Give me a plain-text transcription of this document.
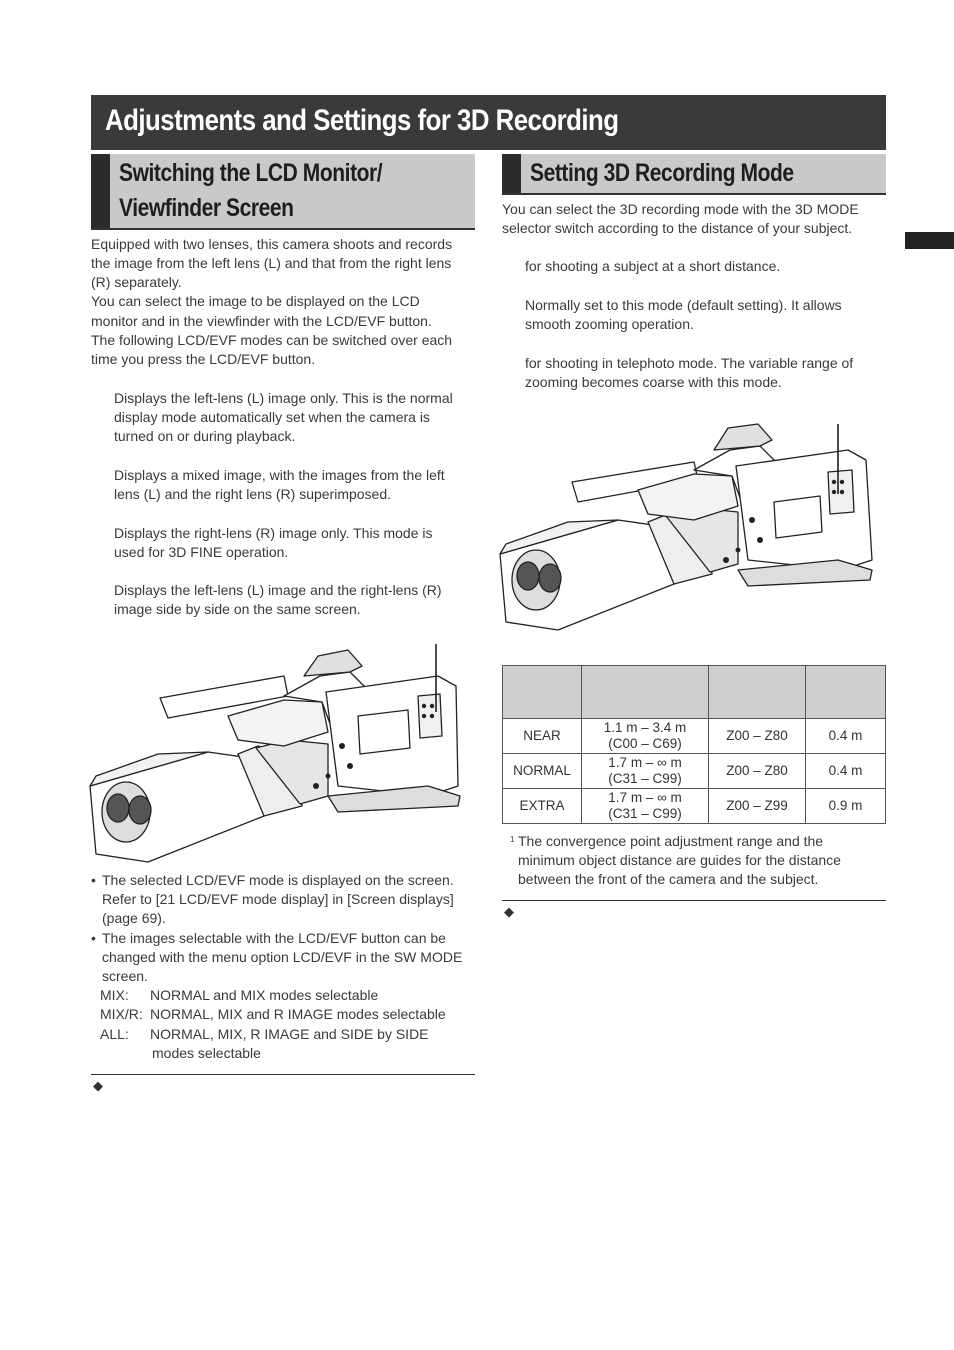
Adjustments and Settings for 3D Recording
Switching the LCD Monitor/
Viewfinder Screen
Equipped with two lenses, this camera shoots and records
the image from the left lens (L) and that from the right lens
(R) separately.
You can select the image to be displayed on the LCD
monitor and in the viewfinder with the LCD/EVF button.
The following LCD/EVF modes can be switched over each
time you press the LCD/EVF button.
Displays the left-lens (L) image only. This is the normal
display mode automatically set when the camera is
turned on or during playback.
Displays a mixed image, with the images from the left
lens (L) and the right lens (R) superimposed.
Displays the right-lens (R) image only. This mode is
used for 3D FINE operation.
Displays the left-lens (L) image and the right-lens (R)
image side by side on the same screen.
• The selected LCD/EVF mode is displayed on the screen.
Refer to [21 LCD/EVF mode display] in [Screen displays]
(page 69).
• The images selectable with the LCD/EVF button can be
changed with the menu option LCD/EVF in the SW MODE
screen.
MIX: NORMAL and MIX modes selectable
MIX/R: NORMAL, MIX and R IMAGE modes selectable
ALL: NORMAL, MIX, R IMAGE and SIDE by SIDE
modes selectable
◆
Setting 3D Recording Mode
You can select the 3D recording mode with the 3D MODE
selector switch according to the distance of your subject.
for shooting a subject at a short distance.
Normally set to this mode (default setting). It allows
smooth zooming operation.
for shooting in telephoto mode. The variable range of
zooming becomes coarse with this mode.

NEAR	1.1 m – 3.4 m
(C00 – C69)	Z00 – Z80	0.4 m
NORMAL	1.7 m – ∞ m
(C31 – C99)	Z00 – Z80	0.4 m
EXTRA	1.7 m – ∞ m
(C31 – C99)	Z00 – Z99	0.9 m
1 The convergence point adjustment range and the
minimum object distance are guides for the distance
between the front of the camera and the subject.
◆
